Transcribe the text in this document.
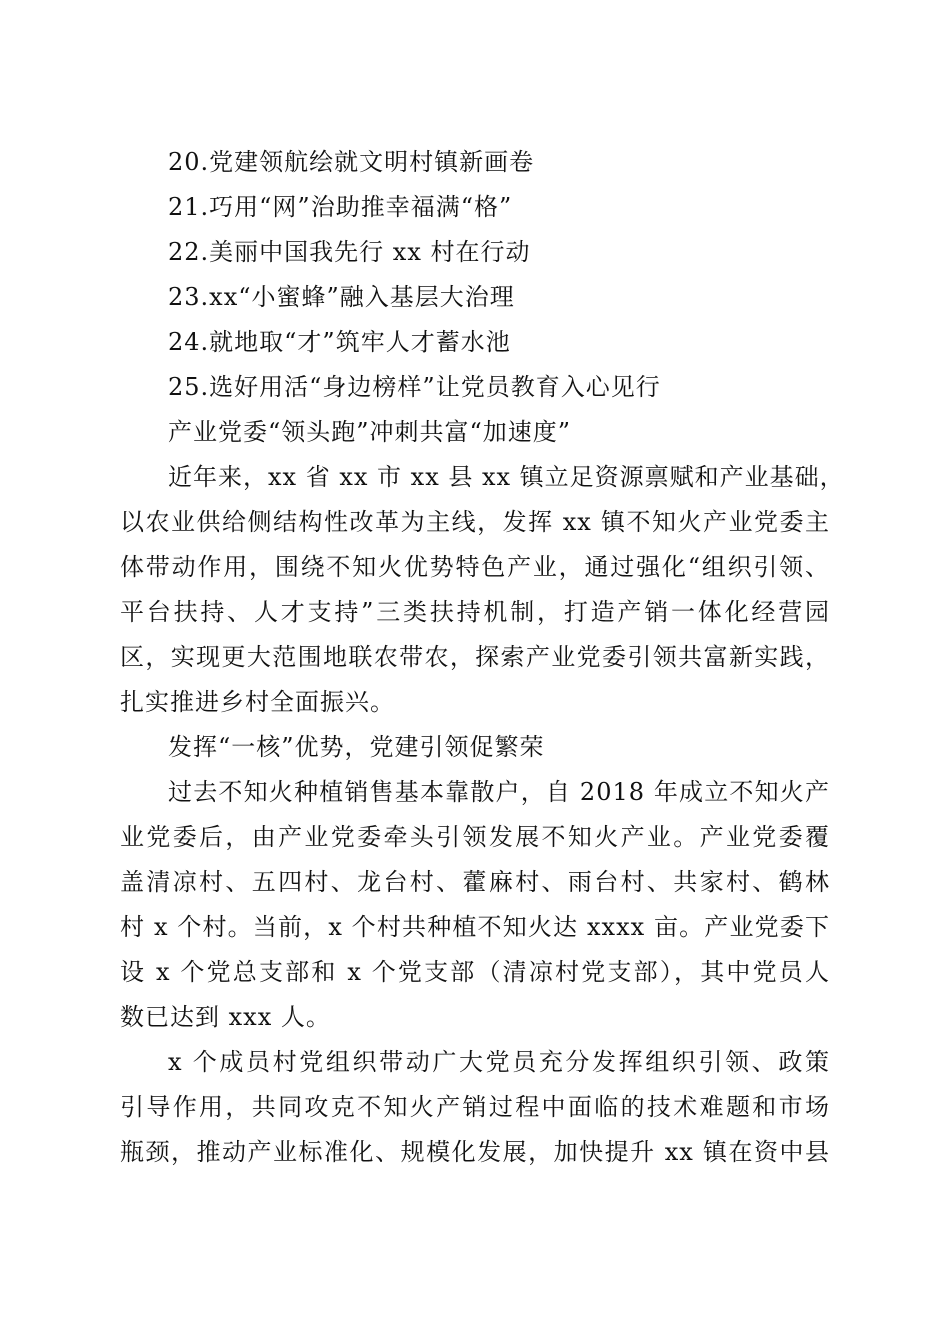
20.党建领航绘就文明村镇新画卷
21.巧用“网”治助推幸福满“格”
22.美丽中国我先行 xx 村在行动
23.xx“小蜜蜂”融入基层大治理
24.就地取“才”筑牢人才蓄水池
25.选好用活“身边榜样”让党员教育入心见行
产业党委“领头跑”冲刺共富“加速度”
近年来，xx 省 xx 市 xx 县 xx 镇立足资源禀赋和产业基础，
以农业供给侧结构性改革为主线，发挥 xx 镇不知火产业党委主
体带动作用，围绕不知火优势特色产业，通过强化“组织引领、
平台扶持、人才支持”三类扶持机制，打造产销一体化经营园
区，实现更大范围地联农带农，探索产业党委引领共富新实践，
扎实推进乡村全面振兴。
发挥“一核”优势，党建引领促繁荣
过去不知火种植销售基本靠散户，自 2018 年成立不知火产
业党委后，由产业党委牵头引领发展不知火产业。产业党委覆
盖清凉村、五四村、龙台村、藿麻村、雨台村、共家村、鹤林
村 x 个村。当前，x 个村共种植不知火达 xxxx 亩。产业党委下
设 x 个党总支部和 x 个党支部（清凉村党支部），其中党员人
数已达到 xxx 人。
x 个成员村党组织带动广大党员充分发挥组织引领、政策
引导作用，共同攻克不知火产销过程中面临的技术难题和市场
瓶颈，推动产业标准化、规模化发展，加快提升 xx 镇在资中县
